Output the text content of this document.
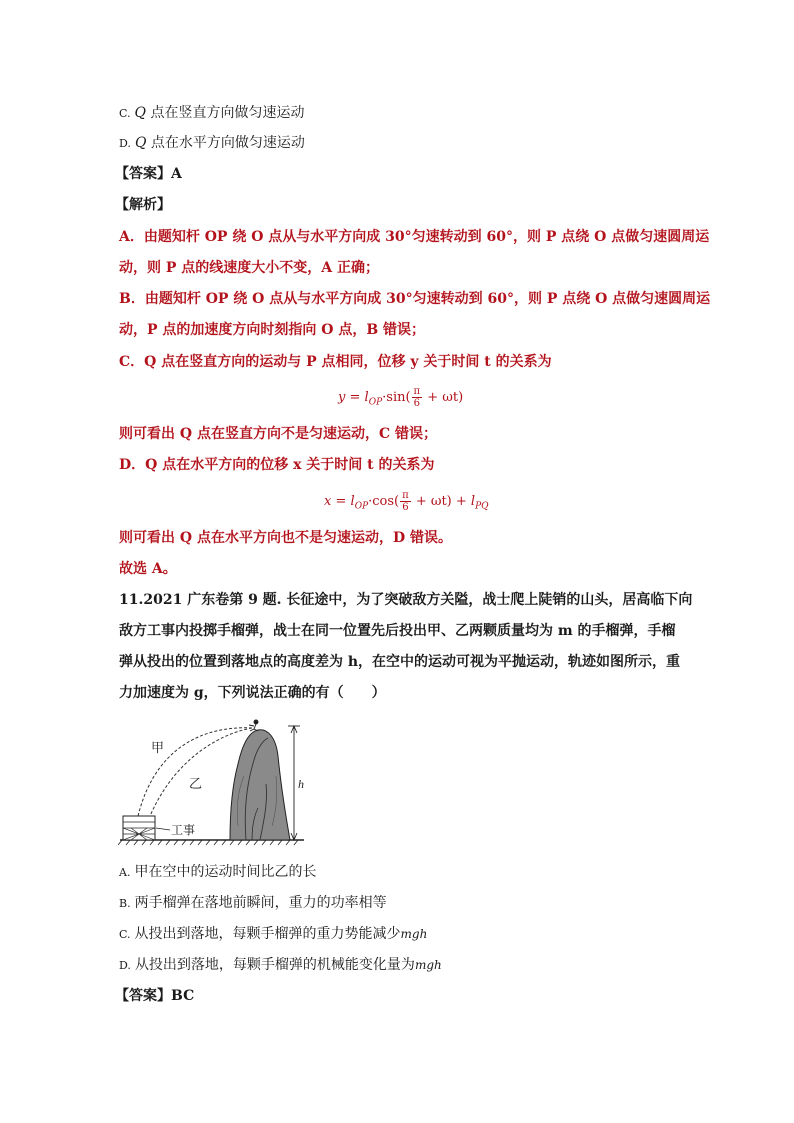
C. Q 点在竖直方向做匀速运动
D. Q 点在水平方向做匀速运动
【答案】A
【解析】
A．由题知杆 OP 绕 O 点从与水平方向成 30°匀速转动到 60°，则 P 点绕 O 点做匀速圆周运
动，则 P 点的线速度大小不变，A 正确；
B．由题知杆 OP 绕 O 点从与水平方向成 30°匀速转动到 60°，则 P 点绕 O 点做匀速圆周运
动，P 点的加速度方向时刻指向 O 点，B 错误；
C．Q 点在竖直方向的运动与 P 点相同，位移 y 关于时间 t 的关系为
$y = l_{OP}\cdot\sin( \frac{\pi}{6} + \omega t)$
则可看出 Q 点在竖直方向不是匀速运动，C 错误；
D．Q 点在水平方向的位移 x 关于时间 t 的关系为
$x = l_{OP}\cdot\cos( \frac{\pi}{6} + \omega t) + l_{PQ}$
则可看出 Q 点在水平方向也不是匀速运动，D 错误。
故选 A。
11.2021 广东卷第 9 题. 长征途中，为了突破敌方关隘，战士爬上陡销的山头，居高临下向
敌方工事内投掷手榴弹，战士在同一位置先后投出甲、乙两颗质量均为 m 的手榴弹，手榴
弹从投出的位置到落地点的高度差为 h，在空中的运动可视为平抛运动，轨迹如图所示，重
力加速度为 g，下列说法正确的有（　　）
甲
乙	h
工事
A. 甲在空中的运动时间比乙的长
B. 两手榴弹在落地前瞬间，重力的功率相等
C. 从投出到落地，每颗手榴弹的重力势能减少mgh
D. 从投出到落地，每颗手榴弹的机械能变化量为mgh
【答案】BC
